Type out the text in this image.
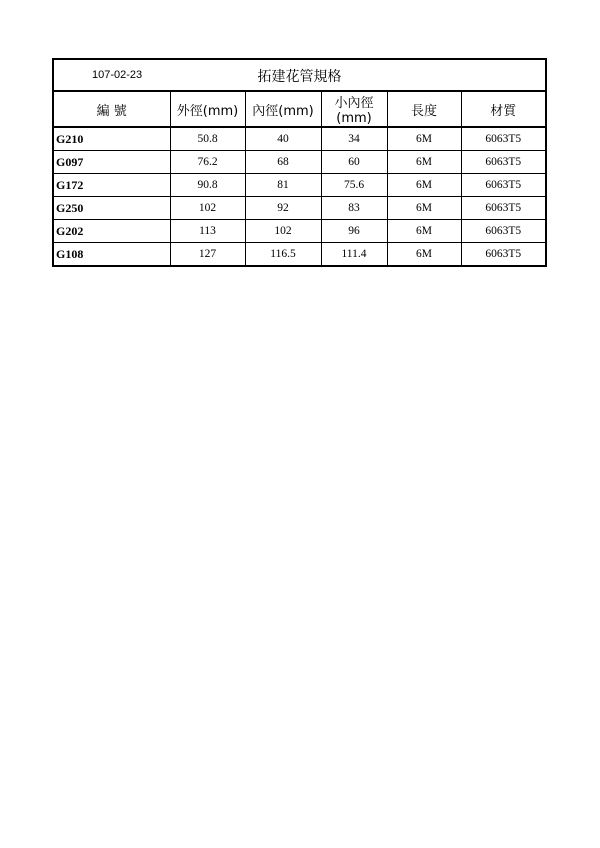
107-02-23 拓建花管規格					

編 號	外徑(mm)	內徑(mm)	小內徑(mm)	長度	材質
G210	50.8	40	34	6M	6063T5
G097	76.2	68	60	6M	6063T5
G172	90.8	81	75.6	6M	6063T5
G250	102	92	83	6M	6063T5
G202	113	102	96	6M	6063T5
G108	127	116.5	111.4	6M	6063T5
